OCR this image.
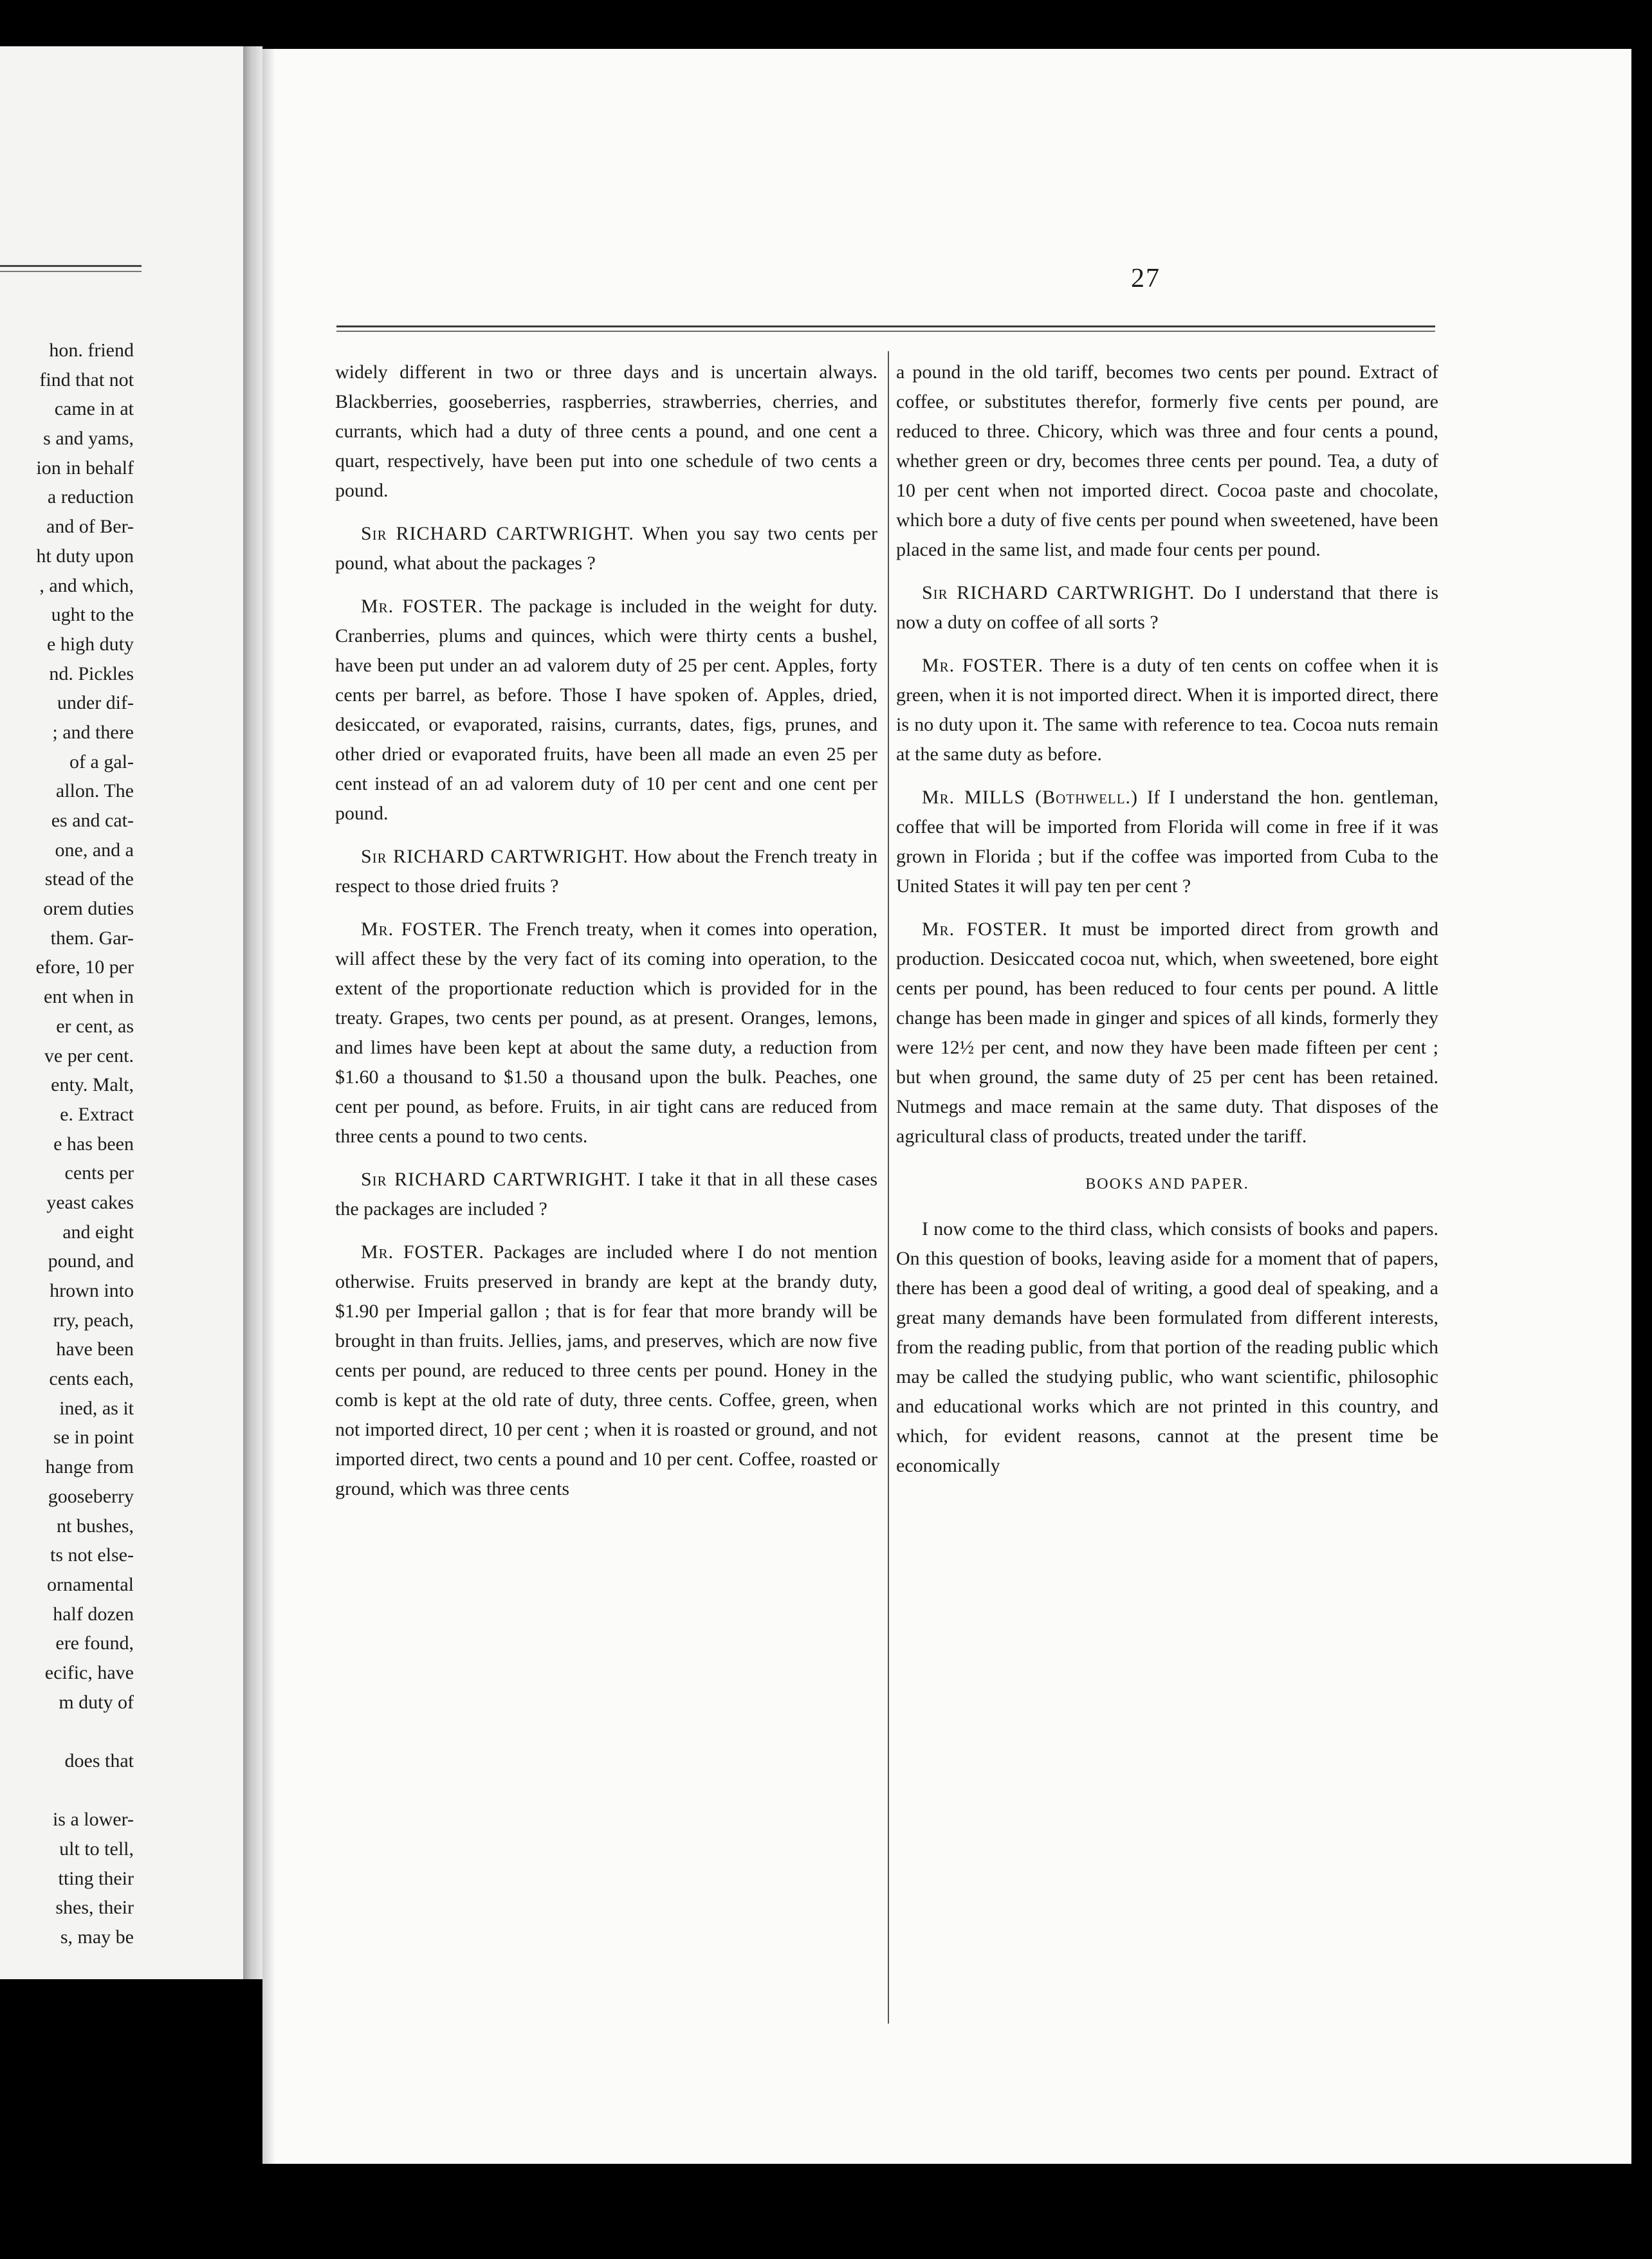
hon. friend
find that not
came in at
s and yams,
ion in behalf
a reduction
and of Ber-
ht duty upon
, and which,
ught to the
e high duty
nd. Pickles
under dif-
; and there
of a gal-
allon. The
es and cat-
one, and a
stead of the
orem duties
them. Gar-
efore, 10 per
ent when in
er cent, as
ve per cent.
enty. Malt,
e. Extract
e has been
cents per
yeast cakes
and eight
pound, and
hrown into
rry, peach,
have been
cents each,
ined, as it
se in point
hange from
gooseberry
nt bushes,
ts not else-
ornamental
half dozen
ere found,
ecific, have
m duty of
does that
is a lower-
ult to tell,
tting their
shes, their
s, may be
27

widely different in two or three days and is uncertain always. Blackberries, gooseberries, raspberries, strawberries, cherries, and currants, which had a duty of three cents a pound, and one cent a quart, respectively, have been put into one schedule of two cents a pound.

Sir RICHARD CARTWRIGHT. When you say two cents per pound, what about the packages ?

Mr. FOSTER. The package is included in the weight for duty. Cranberries, plums and quinces, which were thirty cents a bushel, have been put under an ad valorem duty of 25 per cent. Apples, forty cents per barrel, as before. Those I have spoken of. Apples, dried, desiccated, or evaporated, raisins, currants, dates, figs, prunes, and other dried or evaporated fruits, have been all made an even 25 per cent instead of an ad valorem duty of 10 per cent and one cent per pound.

Sir RICHARD CARTWRIGHT. How about the French treaty in respect to those dried fruits ?

Mr. FOSTER. The French treaty, when it comes into operation, will affect these by the very fact of its coming into operation, to the extent of the proportionate reduction which is provided for in the treaty. Grapes, two cents per pound, as at present. Oranges, lemons, and limes have been kept at about the same duty, a reduction from $1.60 a thousand to $1.50 a thousand upon the bulk. Peaches, one cent per pound, as before. Fruits, in air tight cans are reduced from three cents a pound to two cents.

Sir RICHARD CARTWRIGHT. I take it that in all these cases the packages are included ?

Mr. FOSTER. Packages are included where I do not mention otherwise. Fruits preserved in brandy are kept at the brandy duty, $1.90 per Imperial gallon ; that is for fear that more brandy will be brought in than fruits. Jellies, jams, and preserves, which are now five cents per pound, are reduced to three cents per pound. Honey in the comb is kept at the old rate of duty, three cents. Coffee, green, when not imported direct, 10 per cent ; when it is roasted or ground, and not imported direct, two cents a pound and 10 per cent. Coffee, roasted or ground, which was three cents

a pound in the old tariff, becomes two cents per pound. Extract of coffee, or substitutes therefor, formerly five cents per pound, are reduced to three. Chicory, which was three and four cents a pound, whether green or dry, becomes three cents per pound. Tea, a duty of 10 per cent when not imported direct. Cocoa paste and chocolate, which bore a duty of five cents per pound when sweetened, have been placed in the same list, and made four cents per pound.

Sir RICHARD CARTWRIGHT. Do I understand that there is now a duty on coffee of all sorts ?

Mr. FOSTER. There is a duty of ten cents on coffee when it is green, when it is not imported direct. When it is imported direct, there is no duty upon it. The same with reference to tea. Cocoa nuts remain at the same duty as before.

Mr. MILLS (Bothwell.) If I understand the hon. gentleman, coffee that will be imported from Florida will come in free if it was grown in Florida ; but if the coffee was imported from Cuba to the United States it will pay ten per cent ?

Mr. FOSTER. It must be imported direct from growth and production. Desiccated cocoa nut, which, when sweetened, bore eight cents per pound, has been reduced to four cents per pound. A little change has been made in ginger and spices of all kinds, formerly they were 12½ per cent, and now they have been made fifteen per cent ; but when ground, the same duty of 25 per cent has been retained. Nutmegs and mace remain at the same duty. That disposes of the agricultural class of products, treated under the tariff.

BOOKS AND PAPER.

I now come to the third class, which consists of books and papers. On this question of books, leaving aside for a moment that of papers, there has been a good deal of writing, a good deal of speaking, and a great many demands have been formulated from different interests, from the reading public, from that portion of the reading public which may be called the studying public, who want scientific, philosophic and educational works which are not printed in this country, and which, for evident reasons, cannot at the present time be economically
